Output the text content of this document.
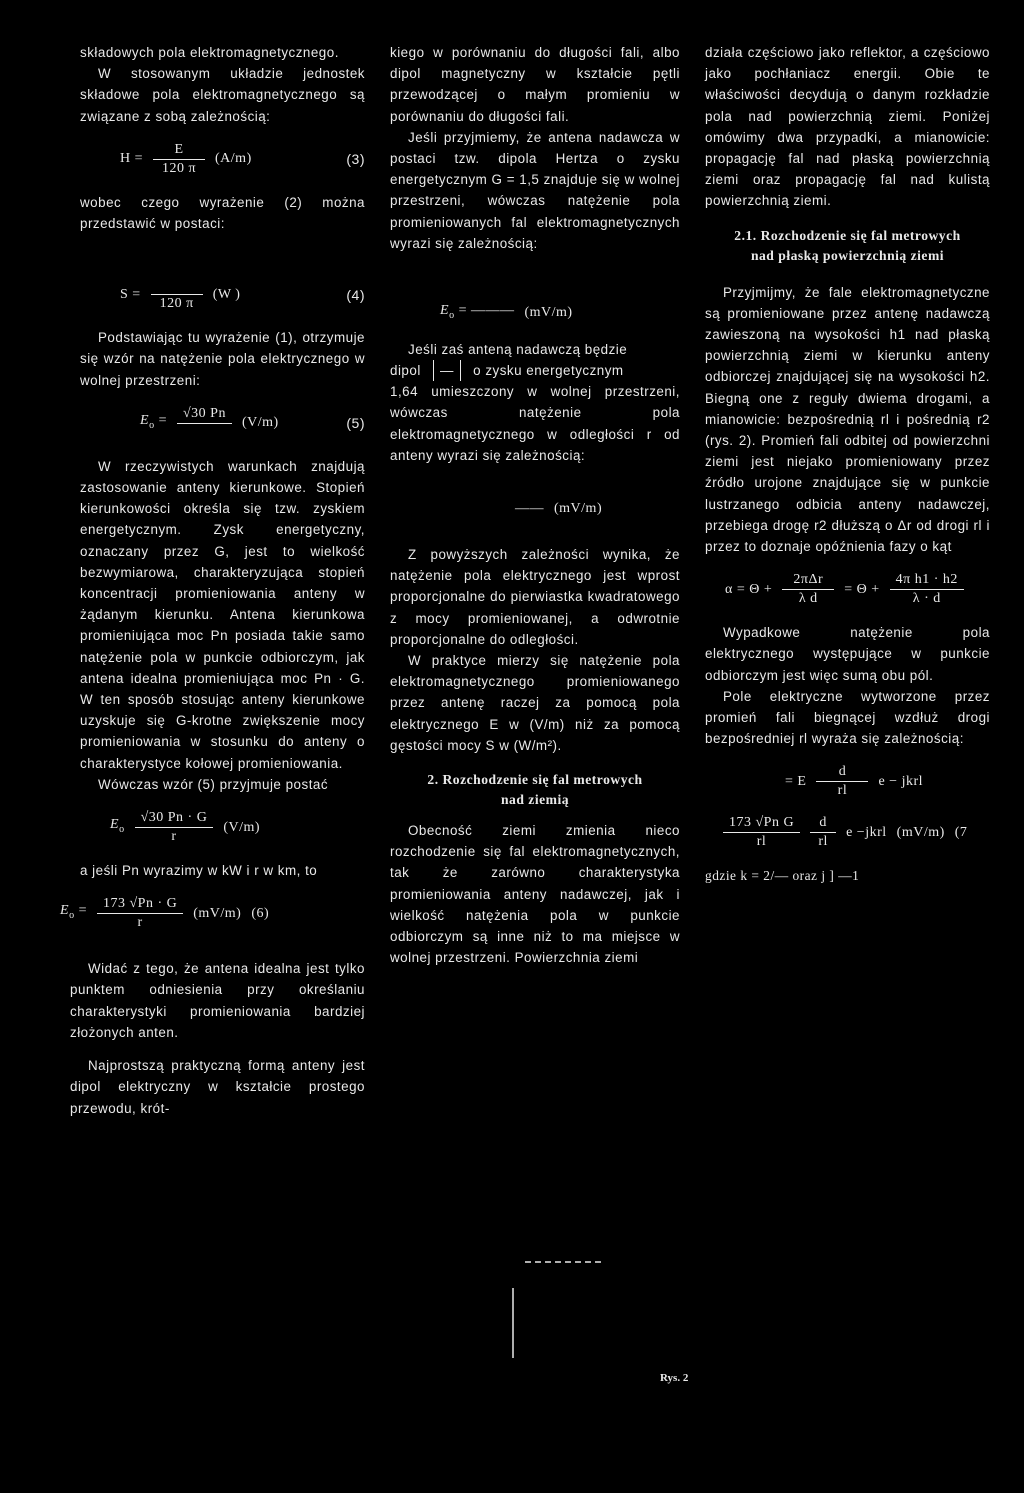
składowych pola elektromagnetycznego.

W stosowanym układzie jednostek składowe pola elektromagnetycznego są związane z sobą zależnością:

$H = \frac{E}{120 \pi} (A/m)$	(3)

wobec czego wyrażenie (2) można przedstawić w postaci:

S =

120 π
(W )	(4)

Podstawiając tu wyrażenie (1), otrzymuje się wzór na natężenie pola elektrycznego w wolnej przestrzeni:

$E_o$ =	√30 Pn

(V/m)	(5)

W rzeczywistych warunkach znajdują zastosowanie anteny kierunkowe. Stopień kierunkowości określa się tzw. zyskiem energetycznym. Zysk energetyczny, oznaczany przez G, jest to wielkość bezwymiarowa, charakteryzująca stopień koncentracji promieniowania anteny w żądanym kierunku. Antena kierunkowa promieniująca moc Pn posiada takie samo natężenie pola w punkcie odbiorczym, jak antena idealna promieniująca moc Pn · G. W ten sposób stosując anteny kierunkowe uzyskuje się G-krotne zwiększenie mocy promieniowania w stosunku do anteny o charakterystyce kołowej promieniowania.

Wówczas wzór (5) przyjmuje postać

$E_o \frac{√30 Pn \cdot G}{r} (V/m)$

a jeśli Pn wyrazimy w kW i r w km, to

$E_o = \frac{173 √Pn \cdot G}{r} (mV/m)$ (6)

Widać z tego, że antena idealna jest tylko punktem odniesienia przy określaniu charakterystyki promieniowania bardziej złożonych anten.

Najprostszą praktyczną formą anteny jest dipol elektryczny w kształcie prostego przewodu, krót-

kiego w porównaniu do długości fali, albo dipol magnetyczny w kształcie pętli przewodzącej o małym promieniu w porównaniu do długości fali.

Jeśli przyjmiemy, że antena nadawcza w postaci tzw. dipola Hertza o zysku energetycznym G = 1,5 znajduje się w wolnej przestrzeni, wówczas natężenie pola promieniowanych fal elektromagnetycznych wyrazi się zależnością:

$E_o$ = ——— (mV/m)

Jeśli zaś anteną nadawczą będzie

dipol — o zysku energetycznym

1,64 umieszczony w wolnej przestrzeni, wówczas natężenie pola elektromagnetycznego w odległości r od anteny wyrazi się zależnością:

—— (mV/m)

Z powyższych zależności wynika, że natężenie pola elektrycznego jest wprost proporcjonalne do pierwiastka kwadratowego z mocy promieniowanej, a odwrotnie proporcjonalne do odległości.

W praktyce mierzy się natężenie pola elektromagnetycznego promieniowanego przez antenę raczej za pomocą pola elektrycznego E w (V/m) niż za pomocą gęstości mocy S w (W/m²).

2. Rozchodzenie się fal metrowych
nad ziemią

Obecność ziemi zmienia nieco rozchodzenie się fal elektromagnetycznych, tak że zarówno charakterystyka promieniowania anteny nadawczej, jak i wielkość natężenia pola w punkcie odbiorczym są inne niż to ma miejsce w wolnej przestrzeni. Powierzchnia ziemi

działa częściowo jako reflektor, a częściowo jako pochłaniacz energii. Obie te właściwości decydują o danym rozkładzie pola nad powierzchnią ziemi. Poniżej omówimy dwa przypadki, a mianowicie: propagację fal nad płaską powierzchnią ziemi oraz propagację fal nad kulistą powierzchnią ziemi.

2.1. Rozchodzenie się fal metrowych
nad płaską powierzchnią ziemi

Przyjmijmy, że fale elektromagnetyczne są promieniowane przez antenę nadawczą zawieszoną na wysokości h1 nad płaską powierzchnią ziemi w kierunku anteny odbiorczej znajdującej się na wysokości h2. Biegną one z reguły dwiema drogami, a mianowicie: bezpośrednią rl i pośrednią r2 (rys. 2). Promień fali odbitej od powierzchni ziemi jest niejako promieniowany przez źródło urojone znajdujące się w punkcie lustrzanego odbicia anteny nadawczej, przebiega drogę r2 dłuższą o Δr od drogi rl i przez to doznaje opóźnienia fazy o kąt

$\alpha = \Theta + \frac{\text{2πΔr}}{\text{λ d}} = \Theta + \frac{\text{4π h1 · h2}}{\lambda \cdot d}$

Wypadkowe natężenie pola elektrycznego występujące w punkcie odbiorczym jest więc sumą obu pól.

Pole elektryczne wytworzone przez promień fali biegnącej wzdłuż drogi bezpośredniej rl wyraża się zależnością:

= E $\frac{d}{rl}$ e − jkrl
$\frac{\text{173 √Pn G}}{rl} \frac{d}{rl}$ e −jkrl (mV/m) (7

gdzie k = 2/— oraz j ] —1

Rys. 2
